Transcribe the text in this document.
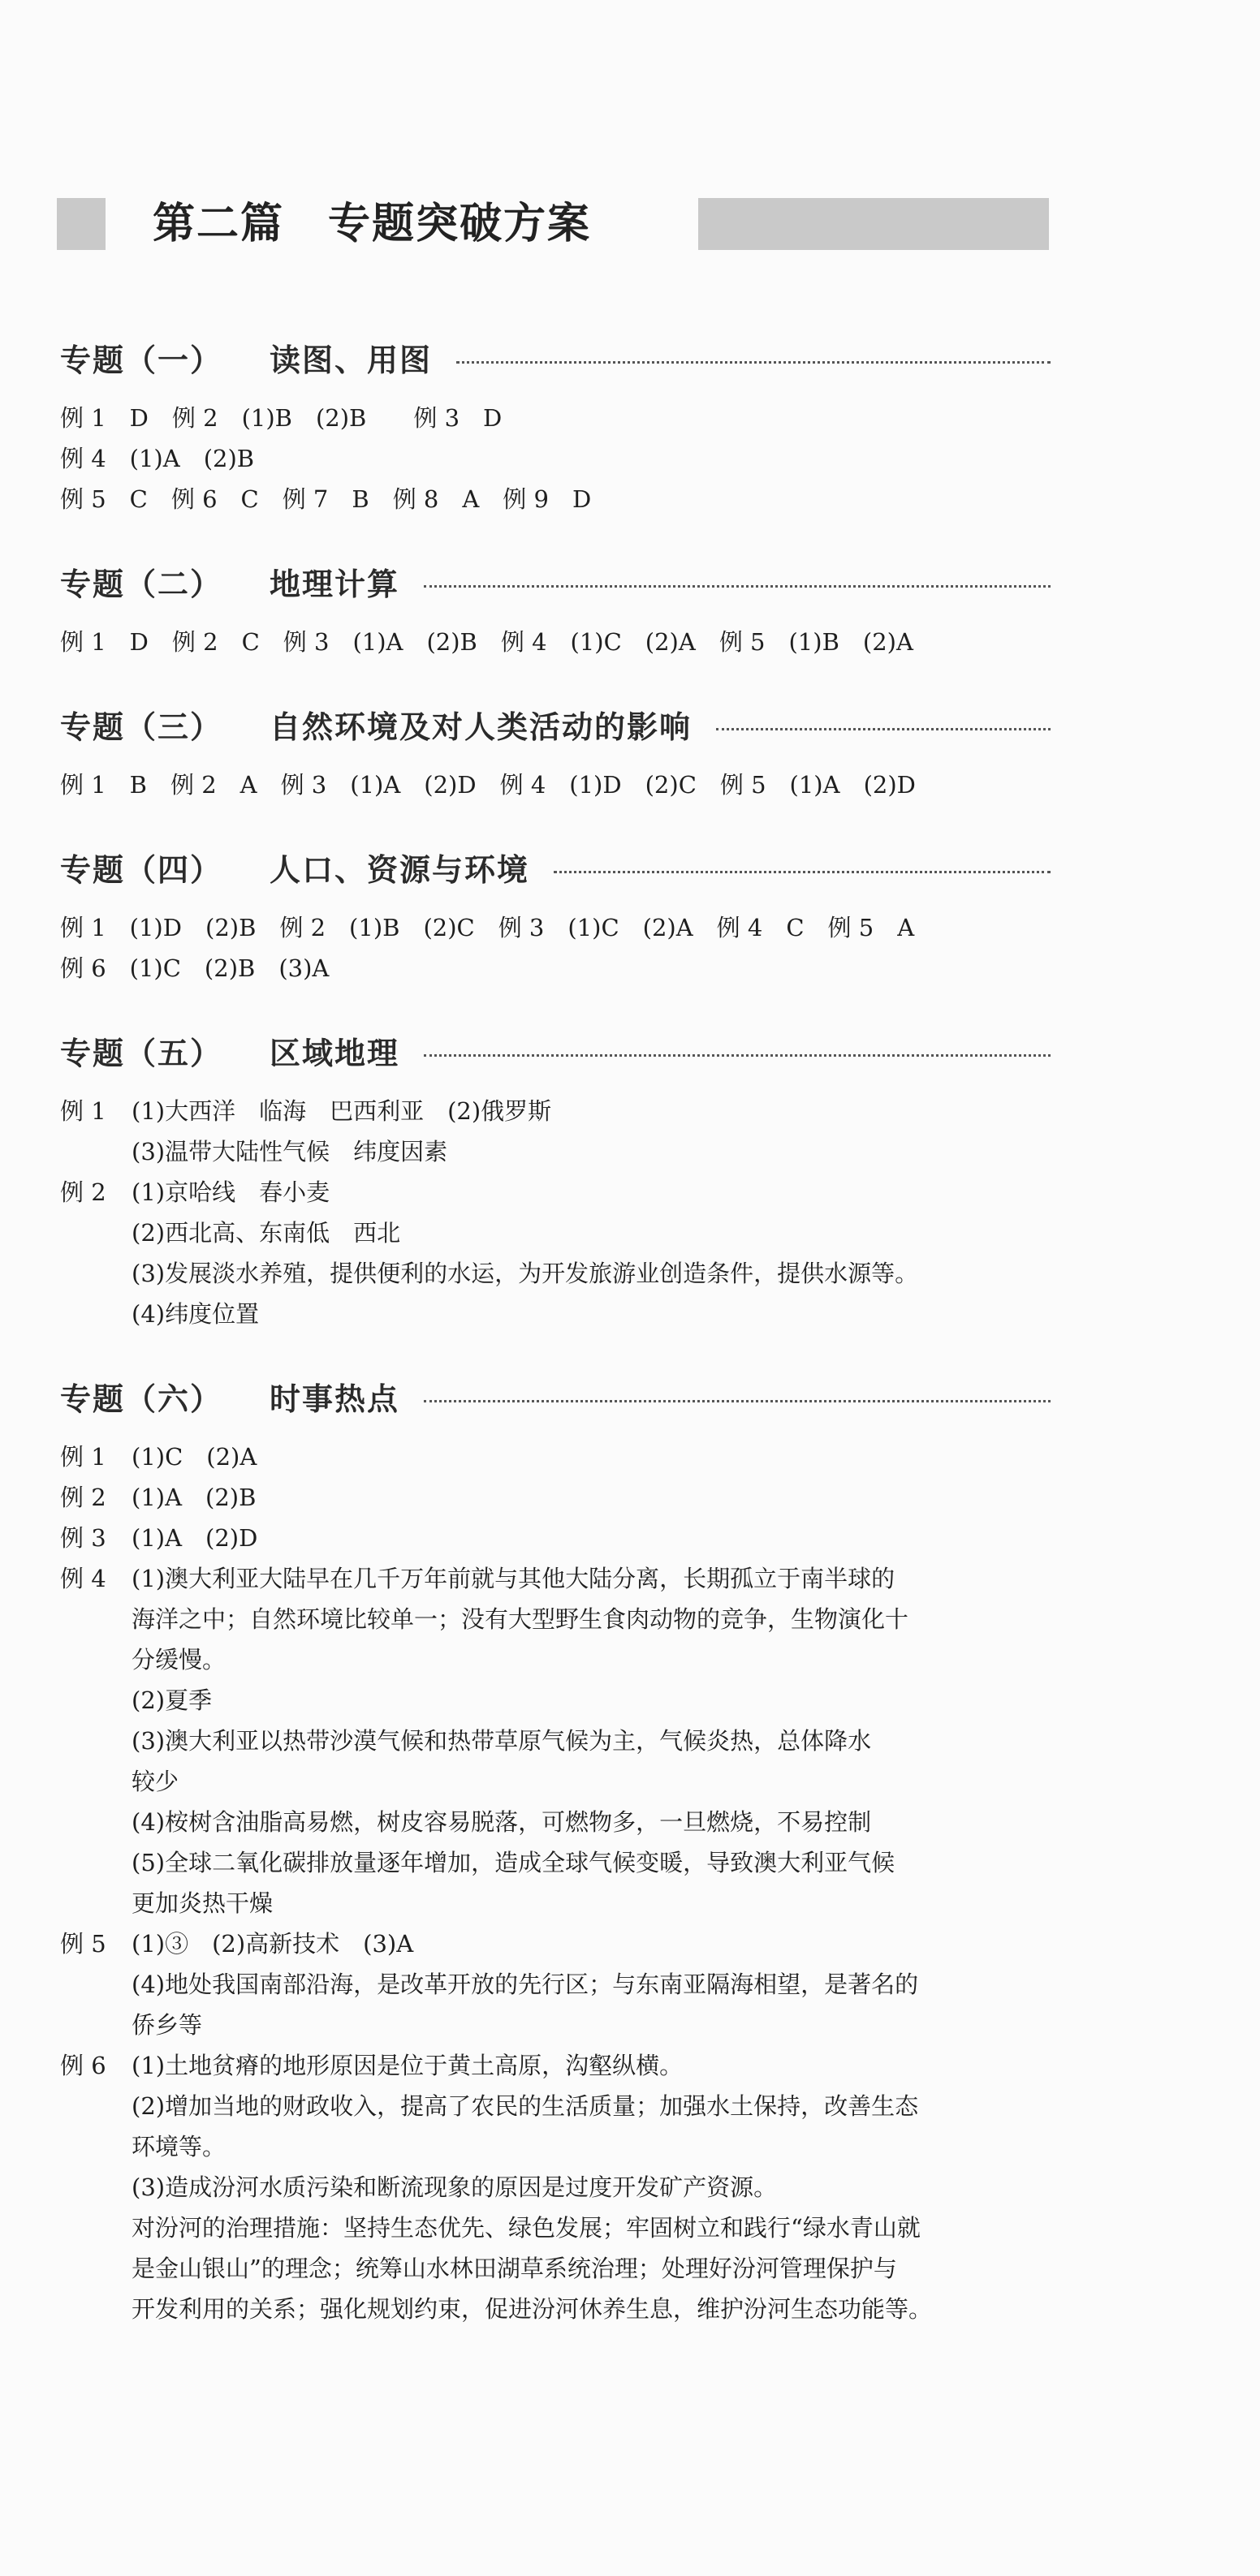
第二篇　专题突破方案
专题（一） 读图、用图
例 1　D　例 2　(1)B　(2)B　　例 3　D
例 4　(1)A　(2)B
例 5　C　例 6　C　例 7　B　例 8　A　例 9　D
专题（二） 地理计算
例 1　D　例 2　C　例 3　(1)A　(2)B　例 4　(1)C　(2)A　例 5　(1)B　(2)A
专题（三） 自然环境及对人类活动的影响
例 1　B　例 2　A　例 3　(1)A　(2)D　例 4　(1)D　(2)C　例 5　(1)A　(2)D
专题（四） 人口、资源与环境
例 1　(1)D　(2)B　例 2　(1)B　(2)C　例 3　(1)C　(2)A　例 4　C　例 5　A
例 6　(1)C　(2)B　(3)A
专题（五） 区域地理
例 1	(1)大西洋　临海　巴西利亚　(2)俄罗斯
(3)温带大陆性气候　纬度因素
例 2	(1)京哈线　春小麦
(2)西北高、东南低　西北
(3)发展淡水养殖，提供便利的水运，为开发旅游业创造条件，提供水源等。
(4)纬度位置
专题（六） 时事热点
例 1	(1)C　(2)A
例 2	(1)A　(2)B
例 3	(1)A　(2)D
例 4	(1)澳大利亚大陆早在几千万年前就与其他大陆分离，长期孤立于南半球的
海洋之中；自然环境比较单一；没有大型野生食肉动物的竞争，生物演化十
分缓慢。
(2)夏季
(3)澳大利亚以热带沙漠气候和热带草原气候为主，气候炎热，总体降水
较少
(4)桉树含油脂高易燃，树皮容易脱落，可燃物多，一旦燃烧，不易控制
(5)全球二氧化碳排放量逐年增加，造成全球气候变暖，导致澳大利亚气候
更加炎热干燥
例 5	(1)③　(2)高新技术　(3)A
(4)地处我国南部沿海，是改革开放的先行区；与东南亚隔海相望，是著名的
侨乡等
例 6	(1)土地贫瘠的地形原因是位于黄土高原，沟壑纵横。
(2)增加当地的财政收入，提高了农民的生活质量；加强水土保持，改善生态
环境等。
(3)造成汾河水质污染和断流现象的原因是过度开发矿产资源。
对汾河的治理措施：坚持生态优先、绿色发展；牢固树立和践行“绿水青山就
是金山银山”的理念；统筹山水林田湖草系统治理；处理好汾河管理保护与
开发利用的关系；强化规划约束，促进汾河休养生息，维护汾河生态功能等。
